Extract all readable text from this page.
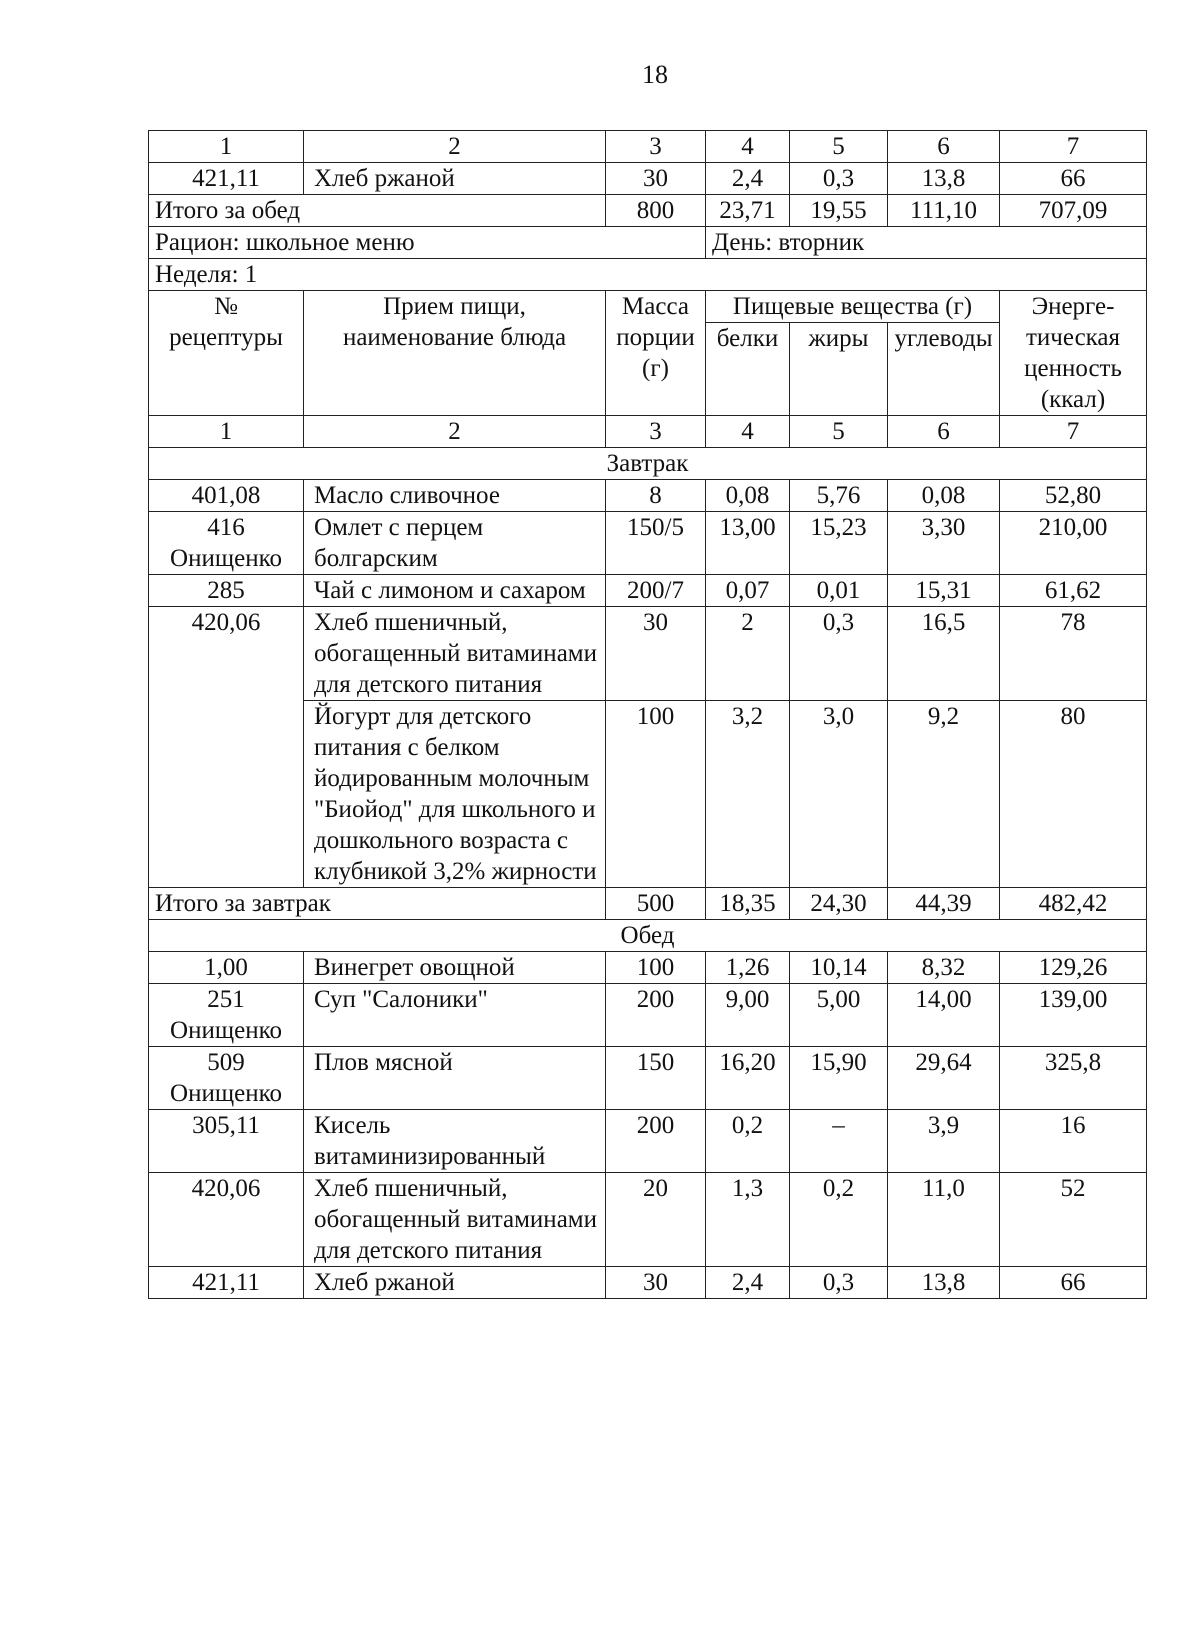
18
1	2	3	4	5	6	7
421,11	Хлеб ржаной	30	2,4	0,3	13,8	66
Итого за обед		800	23,71	19,55	111,10	707,09
Рацион: школьное меню			День: вторник			
Неделя: 1						
№ рецептуры	Прием пищи, наименование блюда	Масса порции (г)	Пищевые вещества (г)			Энерге-тическая ценность (ккал)
			белки	жиры	углеводы	
1	2	3	4	5	6	7
Завтрак						
401,08	Масло сливочное	8	0,08	5,76	0,08	52,80
416 Онищенко	Омлет с перцем болгарским	150/5	13,00	15,23	3,30	210,00
285	Чай с лимоном и сахаром	200/7	0,07	0,01	15,31	61,62
420,06	Хлеб пшеничный, обогащенный витаминами для детского питания	30	2	0,3	16,5	78
	Йогурт для детского питания с белком йодированным молочным "Биойод" для школьного и дошкольного возраста с клубникой 3,2% жирности	100	3,2	3,0	9,2	80
Итого за завтрак		500	18,35	24,30	44,39	482,42
Обед						
1,00	Винегрет овощной	100	1,26	10,14	8,32	129,26
251 Онищенко	Суп "Салоники"	200	9,00	5,00	14,00	139,00
509 Онищенко	Плов мясной	150	16,20	15,90	29,64	325,8
305,11	Кисель витаминизированный	200	0,2	–	3,9	16
420,06	Хлеб пшеничный, обогащенный витаминами для детского питания	20	1,3	0,2	11,0	52
421,11	Хлеб ржаной	30	2,4	0,3	13,8	66
